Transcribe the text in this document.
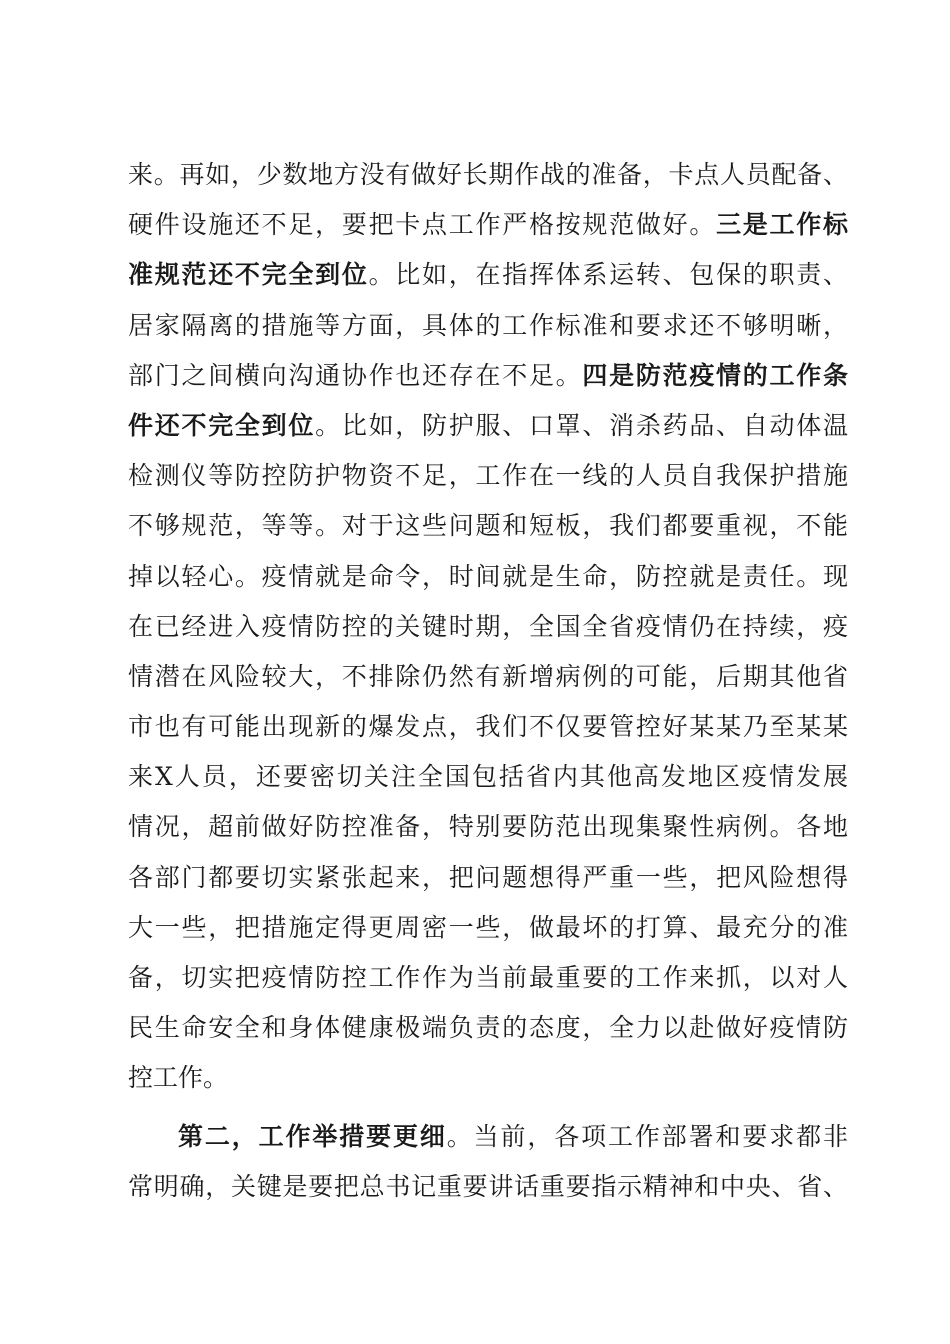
来。再如，少数地方没有做好长期作战的准备，卡点人员配备、
硬件设施还不足，要把卡点工作严格按规范做好。三是工作标
准规范还不完全到位。比如，在指挥体系运转、包保的职责、
居家隔离的措施等方面，具体的工作标准和要求还不够明晰，
部门之间横向沟通协作也还存在不足。四是防范疫情的工作条
件还不完全到位。比如，防护服、口罩、消杀药品、自动体温
检测仪等防控防护物资不足，工作在一线的人员自我保护措施
不够规范，等等。对于这些问题和短板，我们都要重视，不能
掉以轻心。疫情就是命令，时间就是生命，防控就是责任。现
在已经进入疫情防控的关键时期，全国全省疫情仍在持续，疫
情潜在风险较大，不排除仍然有新增病例的可能，后期其他省
市也有可能出现新的爆发点，我们不仅要管控好某某乃至某某
来X人员，还要密切关注全国包括省内其他高发地区疫情发展
情况，超前做好防控准备，特别要防范出现集聚性病例。各地
各部门都要切实紧张起来，把问题想得严重一些，把风险想得
大一些，把措施定得更周密一些，做最坏的打算、最充分的准
备，切实把疫情防控工作作为当前最重要的工作来抓，以对人
民生命安全和身体健康极端负责的态度，全力以赴做好疫情防
控工作。
第二，工作举措要更细。当前，各项工作部署和要求都非
常明确，关键是要把总书记重要讲话重要指示精神和中央、省、
